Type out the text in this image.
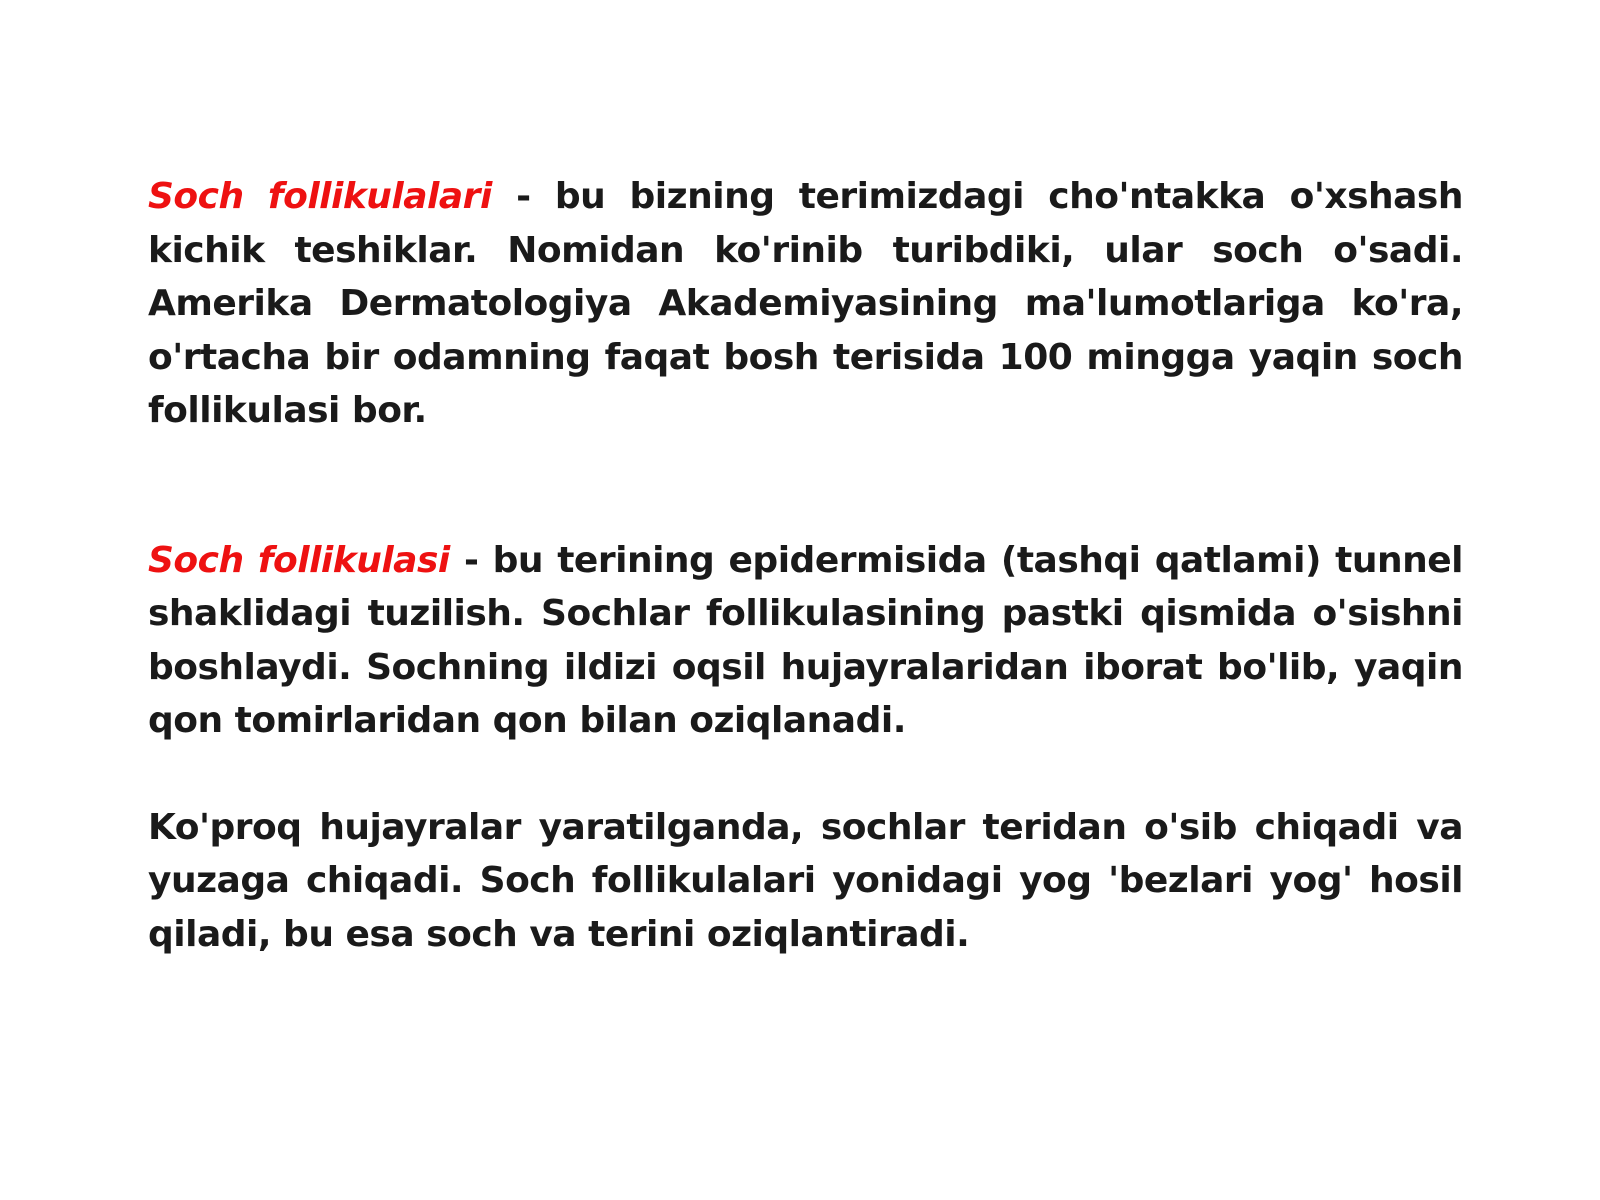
Soch follikulalari - bu bizning terimizdagi cho'ntakka o'xshash kichik teshiklar. Nomidan ko'rinib turibdiki, ular soch o'sadi. Amerika Dermatologiya Akademiyasining ma'lumotlariga ko'ra, o'rtacha bir odamning faqat bosh terisida 100 mingga yaqin soch follikulasi bor.

Soch follikulasi - bu terining epidermisida (tashqi qatlami) tunnel shaklidagi tuzilish. Sochlar follikulasining pastki qismida o'sishni boshlaydi. Sochning ildizi oqsil hujayralaridan iborat bo'lib, yaqin qon tomirlaridan qon bilan oziqlanadi.

Ko'proq hujayralar yaratilganda, sochlar teridan o'sib chiqadi va yuzaga chiqadi. Soch follikulalari yonidagi yog 'bezlari yog' hosil qiladi, bu esa soch va terini oziqlantiradi.
